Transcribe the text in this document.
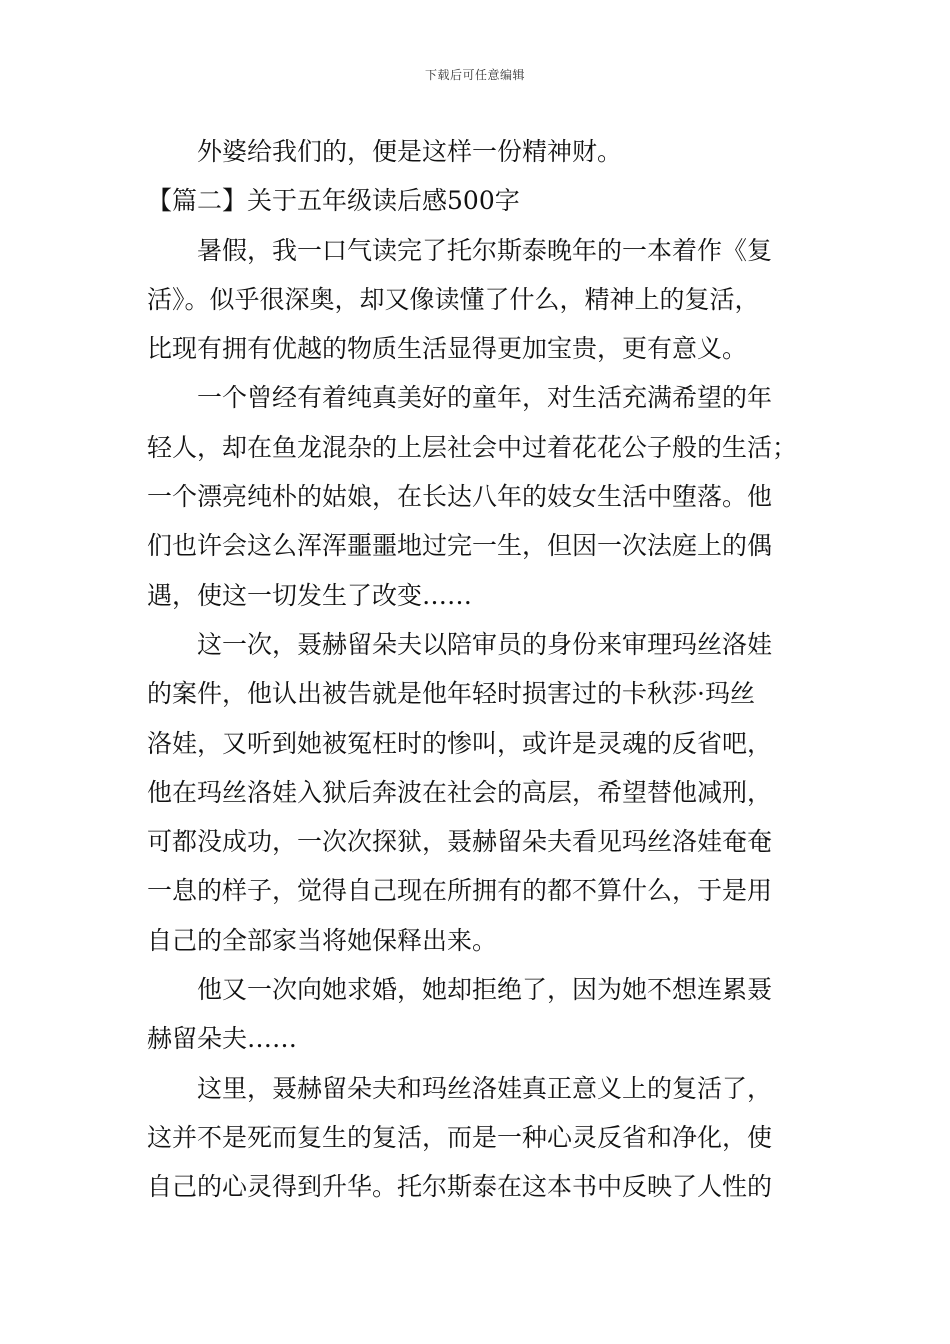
下载后可任意编辑
外婆给我们的，便是这样一份精神财。
【篇二】关于五年级读后感500字
暑假，我一口气读完了托尔斯泰晚年的一本着作《复
活》。似乎很深奥，却又像读懂了什么，精神上的复活，
比现有拥有优越的物质生活显得更加宝贵，更有意义。
一个曾经有着纯真美好的童年，对生活充满希望的年
轻人，却在鱼龙混杂的上层社会中过着花花公子般的生活；
一个漂亮纯朴的姑娘，在长达八年的妓女生活中堕落。他
们也许会这么浑浑噩噩地过完一生，但因一次法庭上的偶
遇，使这一切发生了改变……
这一次，聂赫留朵夫以陪审员的身份来审理玛丝洛娃
的案件，他认出被告就是他年轻时损害过的卡秋莎·玛丝
洛娃，又听到她被冤枉时的惨叫，或许是灵魂的反省吧，
他在玛丝洛娃入狱后奔波在社会的高层，希望替他减刑，
可都没成功，一次次探狱，聂赫留朵夫看见玛丝洛娃奄奄
一息的样子，觉得自己现在所拥有的都不算什么，于是用
自己的全部家当将她保释出来。
他又一次向她求婚，她却拒绝了，因为她不想连累聂
赫留朵夫……
这里，聂赫留朵夫和玛丝洛娃真正意义上的复活了，
这并不是死而复生的复活，而是一种心灵反省和净化，使
自己的心灵得到升华。托尔斯泰在这本书中反映了人性的
